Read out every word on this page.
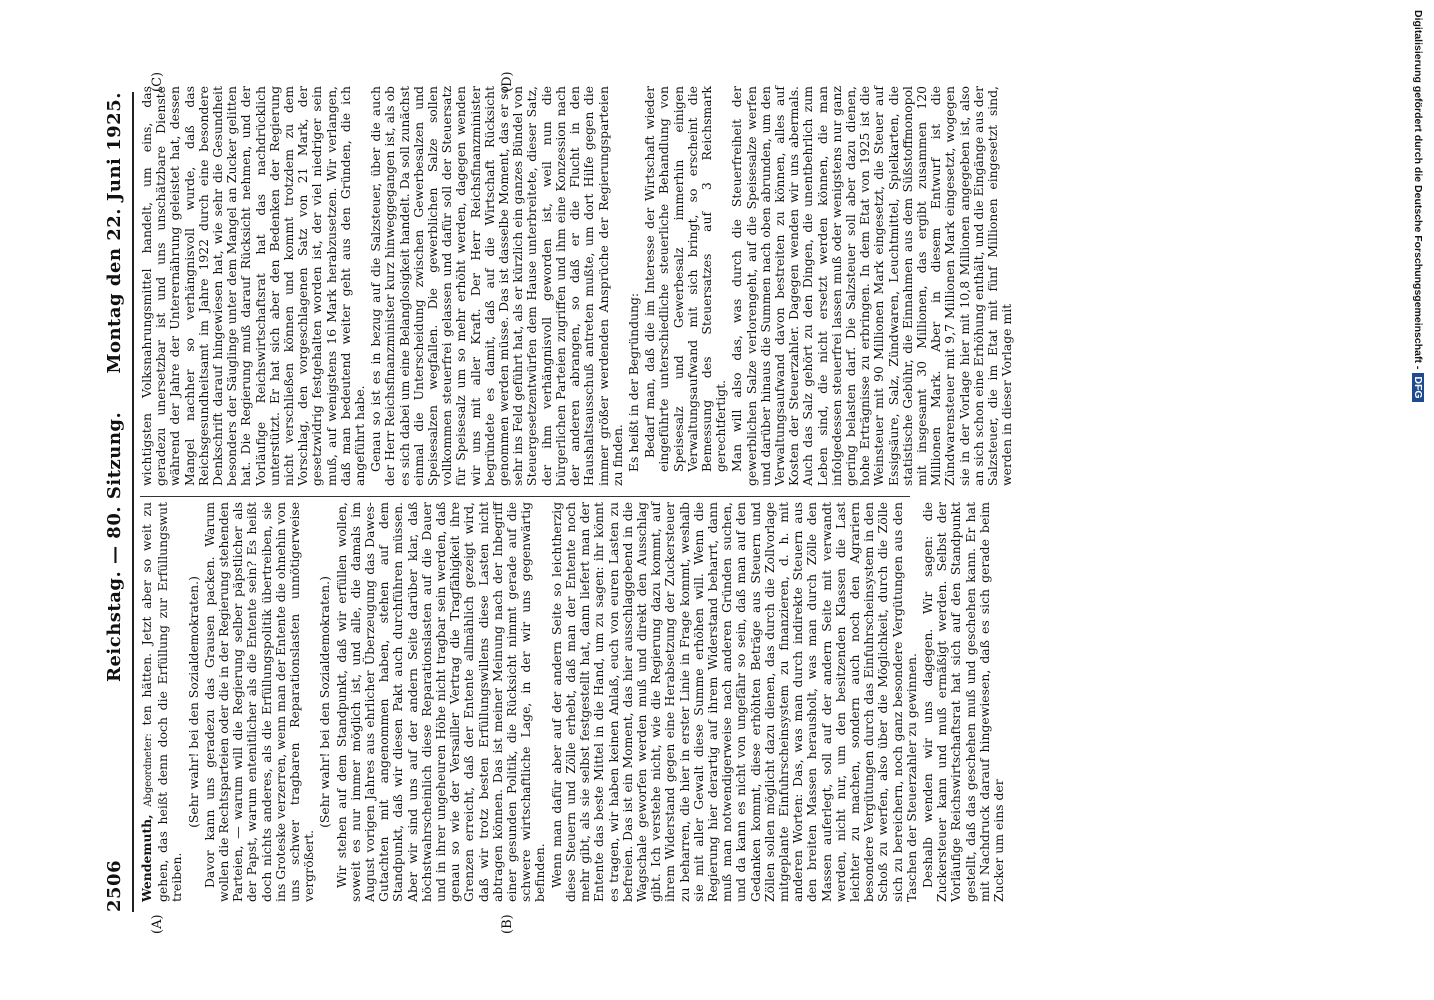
2506
Reichstag. — 80. Sitzung.
Montag den 22. Juni 1925.
(A)	(B)
(C)	(D)

Wendemuth, Abgeordneter: ten hätten. Jetzt aber so weit zu gehen, das heißt denn doch die Erfüllung zur Erfüllungswut treiben.

(Sehr wahr! bei den Sozialdemokraten.) Davor kann uns geradezu das Grausen packen. Warum wollen die Rechtsparteien oder die in der Regierung stehenden Parteien, — warum will die Regierung selber päpstlicher als der Papst, warum entenitlicher als die Entente sein? Es heißt doch nichts anderes, als die Erfüllungspolitik übertreiben, sie ins Groteske verzerren, wenn man der Entente die ohnehin von uns schwer tragbaren Reparationslasten unnötigerweise vergrößert.

(Sehr wahr! bei den Sozialdemokraten.) Wir stehen auf dem Standpunkt, daß wir erfüllen wollen, soweit es nur immer möglich ist, und alle, die damals im August vorigen Jahres aus ehrlicher Überzeugung das Dawes-Gutachten mit angenommen haben, stehen auf dem Standpunkt, daß wir diesen Pakt auch durchführen müssen. Aber wir sind uns auf der andern Seite darüber klar, daß höchstwahrscheinlich diese Reparationslasten auf die Dauer und in ihrer ungeheuren Höhe nicht tragbar sein werden, daß genau so wie der Versailler Vertrag die Tragfähigkeit ihre Grenzen erreicht, daß der Entente allmählich gezeigt wird, daß wir trotz besten Erfüllungswillens diese Lasten nicht abtragen können. Das ist meiner Meinung nach der Inbegriff einer gesunden Politik, die Rücksicht nimmt gerade auf die schwere wirtschaftliche Lage, in der wir uns gegenwärtig befinden. Wenn man dafür aber auf der andern Seite so leichtherzig diese Steuern und Zölle erhebt, daß man der Entente noch mehr gibt, als sie selbst festgestellt hat, dann liefert man der Entente das beste Mittel in die Hand, um zu sagen: ihr könnt es tragen, wir haben keinen Anlaß, euch von euren Lasten zu befreien. Das ist ein Moment, das hier ausschlaggebend in die Wagschale geworfen werden muß und direkt den Ausschlag gibt. Ich verstehe nicht, wie die Regierung dazu kommt, auf ihrem Widerstand gegen eine Herabsetzung der Zuckersteuer zu beharren, die hier in erster Linie in Frage kommt, weshalb sie mit aller Gewalt diese Summe erhöhen will. Wenn die Regierung hier derartig auf ihrem Widerstand beharrt, dann muß man notwendigerweise nach anderen Gründen suchen, und da kann es nicht von ungefähr so sein, daß man auf den Gedanken kommt, diese erhöhten Beträge aus Steuern und Zöllen sollen möglicht dazu dienen, das durch die Zollvorlage mitgeplante Einfuhrscheinsystem zu finanzieren, d. h. mit anderen Worten: Das, was man durch indirekte Steuern aus den breiten Massen herausholt, was man durch Zölle den Massen auferlegt, soll auf der andern Seite mit verwandt werden, nicht nur, um den besitzenden Klassen die Last leichter zu machen, sondern auch noch den Agrariern besondere Vergütungen durch das Einfuhrscheinsystem in den Schoß zu werfen, also über die Möglichkeit, durch die Zölle sich zu bereichern, noch ganz besondere Vergütungen aus den Taschen der Steuerzahler zu gewinnen. Deshalb wenden wir uns dagegen. Wir sagen: die Zuckersteuer kann und muß ermäßigt werden. Selbst der Vorläufige Reichswirtschaftsrat hat sich auf den Standpunkt gestellt, daß das geschehen muß und geschehen kann. Er hat mit Nachdruck darauf hingewiesen, daß es sich gerade beim Zucker um eins der

wichtigsten Volksnahrungsmittel handelt, um eins, das geradezu unersetzbar ist und uns unschätzbare Dienste während der Jahre der Unterernährung geleistet hat, dessen Mangel nachher so verhängnisvoll wurde, daß das Reichsgesundheitsamt im Jahre 1922 durch eine besondere Denkschrift darauf hingewiesen hat, wie sehr die Gesundheit besonders der Säuglinge unter dem Mangel an Zucker gelitten hat. Die Regierung muß darauf Rücksicht nehmen, und der Vorläufige Reichswirtschaftsrat hat das nachdrücklich unterstützt. Er hat sich aber den Bedenken der Regierung nicht verschließen können und kommt trotzdem zu dem Vorschlag, den vorgeschlagenen Satz von 21 Mark, der gesetzwidrig festgehalten worden ist, der viel niedriger sein muß, auf wenigstens 16 Mark herabzusetzen. Wir verlangen, daß man bedeutend weiter geht aus den Gründen, die ich angeführt habe. Genau so ist es in bezug auf die Salzsteuer, über die auch der Herr Reichsfinanzminister kurz hinweggegangen ist, als ob es sich dabei um eine Belanglosigkeit handelt. Da soll zunächst einmal die Unterscheidung zwischen Gewerbesalzen und Speisesalzen wegfallen. Die gewerblichen Salze sollen vollkommen steuerfrei gelassen und dafür soll der Steuersatz für Speisesalz um so mehr erhöht werden, dagegen wenden wir uns mit aller Kraft. Der Herr Reichsfinanzminister begründete es damit, daß auf die Wirtschaft Rücksicht genommen werden müsse. Das ist dasselbe Moment, das er so sehr ins Feld geführt hat, als er kürzlich ein ganzes Bündel von Steuergesetzentwürfen dem Hause unterbreitete, dieser Satz, der ihm verhängnisvoll geworden ist, weil nun die bürgerlichen Parteien zugriffen und ihm eine Konzession nach der anderen abrangen, so daß er die Flucht in den Haushaltsausschuß antreten mußte, um dort Hilfe gegen die immer größer werdenden Ansprüche der Regierungsparteien zu finden. Es heißt in der Begründung: Bedarf man, daß die im Interesse der Wirtschaft wieder eingeführte unterschiedliche steuerliche Behandlung von Speisesalz und Gewerbesalz immerhin einigen Verwaltungsaufwand mit sich bringt, so erscheint die Bemessung des Steuersatzes auf 3 Reichsmark gerechtfertigt. Man will also das, was durch die Steuerfreiheit der gewerblichen Salze verlorengeht, auf die Speisesalze werfen und darüber hinaus die Summen nach oben abrunden, um den Verwaltungsaufwand davon bestreiten zu können, alles auf Kosten der Steuerzahler. Dagegen wenden wir uns abermals. Auch das Salz gehört zu den Dingen, die unentbehrlich zum Leben sind, die nicht ersetzt werden können, die man infolgedessen steuerfrei lassen muß oder wenigstens nur ganz gering belasten darf. Die Salzsteuer soll aber dazu dienen, hohe Erträgnisse zu erbringen. In dem Etat von 1925 ist die Weinsteuer mit 90 Millionen Mark eingesetzt, die Steuer auf Essigsäure, Salz, Zündwaren, Leuchtmittel, Spielkarten, die statistische Gebühr, die Einnahmen aus dem Süßstoffmonopol mit insgesamt 30 Millionen, das ergibt zusammen 120 Millionen Mark. Aber in diesem Entwurf ist die Zündwarensteuer mit 9,7 Millionen Mark eingesetzt, wogegen sie in der Vorlage hier mit 10,8 Millionen angegeben ist, also an sich schon eine Erhöhung enthält, und die Eingänge aus der Salzsteuer, die im Etat mit fünf Millionen eingesetzt sind, werden in dieser Vorlage mit

Digitalisierung gefördert durch die Deutsche Forschungsgemeinschaft -DFG
